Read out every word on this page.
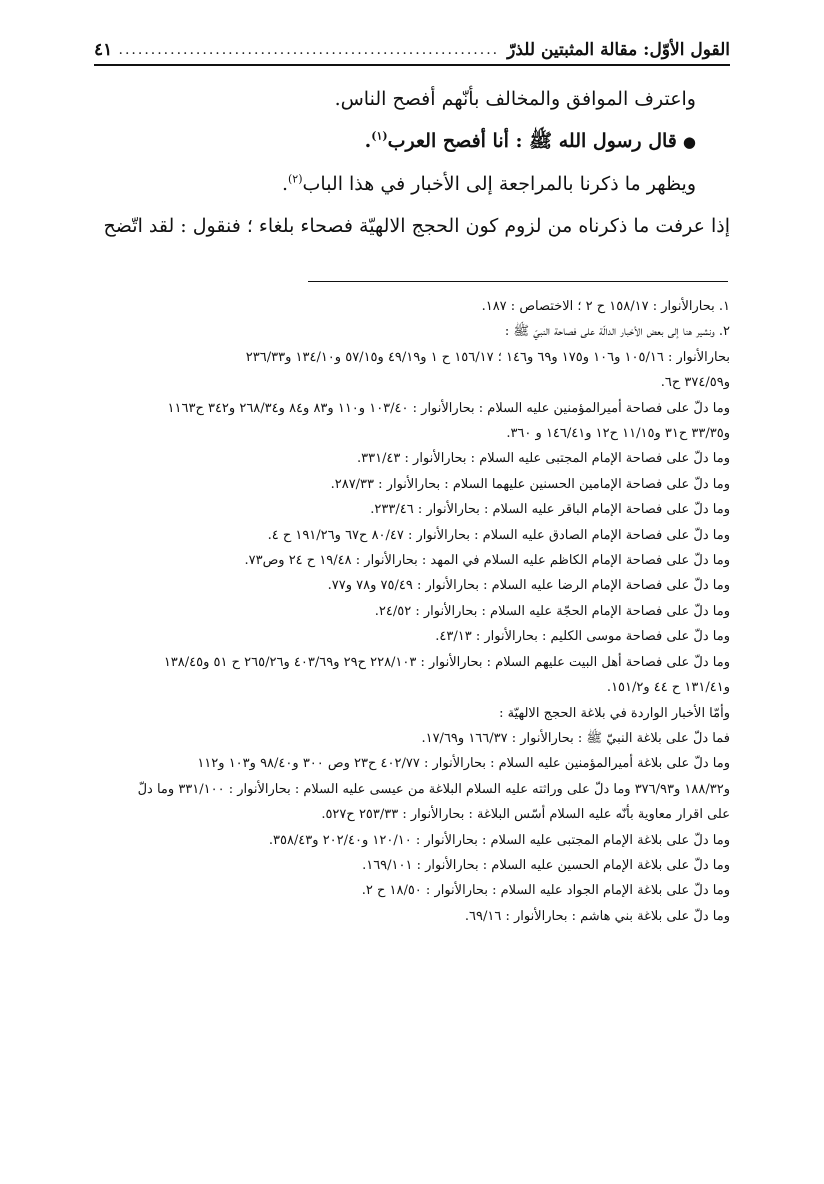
القول الأوّل: مقالة المثبتين للذرّ
.....
٤١
واعترف الموافق والمخالف بأنّهم أفصح الناس.
●قال رسول الله ﷺ : أنا أفصح العرب$^{(١)}$.
ويظهر ما ذكرنا بالمراجعة إلى الأخبار في هذا الباب$^{(٢)}$.
إذا عرفت ما ذكرناه من لزوم كون الحجج الالهيّة فصحاء بلغاء ؛ فنقول : لقد اتّضح
١. بحارالأنوار : ١٥٨/١٧ ح ٢ ؛ الاختصاص : ١٨٧.
٢. ونشير هنا إلى بعض الأخبار الدالّة على فصاحة النبيّ ﷺ :
بحارالأنوار : ١٠٥/١٦ و١٠٦ و١٧٥ و٦٩ و١٤٦ ؛ ١٥٦/١٧ ح ١ و٤٩/١٩ و٥٧/١٥ و١٣٤/١٠ و٢٣٦/٣٣
و٣٧٤/٥٩ ح٦.
وما دلّ على فصاحة أميرالمؤمنين عليه السلام : بحارالأنوار : ١٠٣/٤٠ و١١٠ و٨٣ و٨٤ و٢٦٨/٣٤ و٣٤٢ ح١١٦٣
و٣٣/٣٥ ح٣١ و١١/١٥ ح١٢ و١٤٦/٤١ و ٣٦٠.
وما دلّ على فصاحة الإمام المجتبى عليه السلام : بحارالأنوار : ٣٣١/٤٣.
وما دلّ على فصاحة الإمامين الحسنين عليهما السلام : بحارالأنوار : ٢٨٧/٣٣.
وما دلّ على فصاحة الإمام الباقر عليه السلام : بحارالأنوار : ٢٣٣/٤٦.
وما دلّ على فصاحة الإمام الصادق عليه السلام : بحارالأنوار : ٨٠/٤٧ ح٦٧ و١٩١/٢٦ ح ٤.
وما دلّ على فصاحة الإمام الكاظم عليه السلام في المهد : بحارالأنوار : ١٩/٤٨ ح ٢٤ وص٧٣.
وما دلّ على فصاحة الإمام الرضا عليه السلام : بحارالأنوار : ٧٥/٤٩ و٧٨ و٧٧.
وما دلّ على فصاحة الإمام الحجّة عليه السلام : بحارالأنوار : ٢٤/٥٢.
وما دلّ على فصاحة موسى الكليم : بحارالأنوار : ٤٣/١٣.
وما دلّ على فصاحة أهل البيت عليهم السلام : بحارالأنوار : ٢٢٨/١٠٣ ح٢٩ و٤٠٣/٦٩ و٢٦٥/٢٦ ح ٥١ و١٣٨/٤٥
و١٣١/٤١ ح ٤٤ و١٥١/٢.
وأمّا الأخبار الواردة في بلاغة الحجج الالهيّة :
فما دلّ على بلاغة النبيّ ﷺ : بحارالأنوار : ١٦٦/٣٧ و١٧/٦٩.
وما دلّ على بلاغة أميرالمؤمنين عليه السلام : بحارالأنوار : ٤٠٢/٧٧ ح٢٣ وص ٣٠٠ و٩٨/٤٠ و١٠٣ و١١٢
و١٨٨/٣٢ و٣٧٦/٩٣ وما دلّ على وراثته عليه السلام البلاغة من عيسى عليه السلام : بحارالأنوار : ٣٣١/١٠٠ وما دلّ
على اقرار معاوية بأنّه عليه السلام أسّس البلاغة : بحارالأنوار : ٢٥٣/٣٣ ح٥٢٧.
وما دلّ على بلاغة الإمام المجتبى عليه السلام : بحارالأنوار : ١٢٠/١٠ و٢٠٢/٤٠ و٣٥٨/٤٣.
وما دلّ على بلاغة الإمام الحسين عليه السلام : بحارالأنوار : ١٦٩/١٠١.
وما دلّ على بلاغة الإمام الجواد عليه السلام : بحارالأنوار : ١٨/٥٠ ح ٢.
وما دلّ على بلاغة بني هاشم : بحارالأنوار : ٦٩/١٦.
